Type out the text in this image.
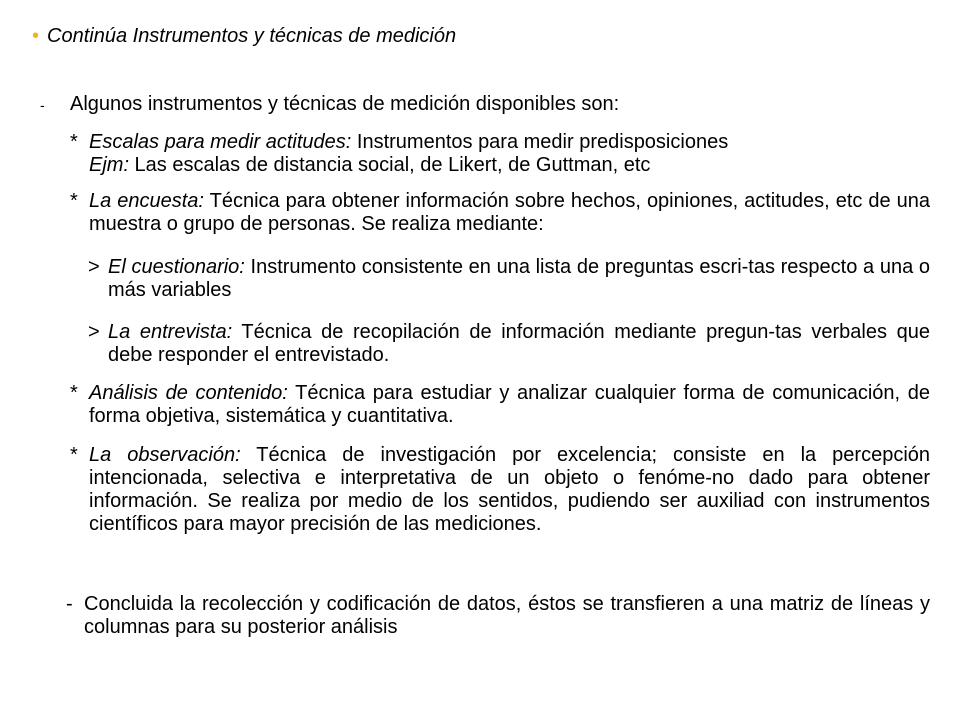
• Continúa Instrumentos y técnicas de medición
-	Algunos instrumentos y técnicas de medición disponibles son:
* Escalas para medir actitudes: Instrumentos para medir predisposiciones
Ejm: Las escalas de distancia social, de Likert, de Guttman, etc
* La encuesta: Técnica para obtener información sobre hechos, opiniones, actitudes, etc de una muestra o grupo de personas. Se realiza mediante:
> El cuestionario: Instrumento consistente en una lista de preguntas escri-tas respecto a una o más variables
> La entrevista: Técnica de recopilación de información mediante pregun-tas verbales que debe responder el entrevistado.
* Análisis de contenido: Técnica para estudiar y analizar cualquier forma de comunicación, de forma objetiva, sistemática y cuantitativa.
* La observación: Técnica de investigación por excelencia; consiste en la percepción intencionada, selectiva e interpretativa de un objeto o fenóme-no dado para obtener información. Se realiza por medio de los sentidos, pudiendo ser auxiliad con instrumentos científicos para mayor precisión de las mediciones.
- Concluida la recolección y codificación de datos, éstos se transfieren a una matriz de líneas y columnas para su posterior análisis
